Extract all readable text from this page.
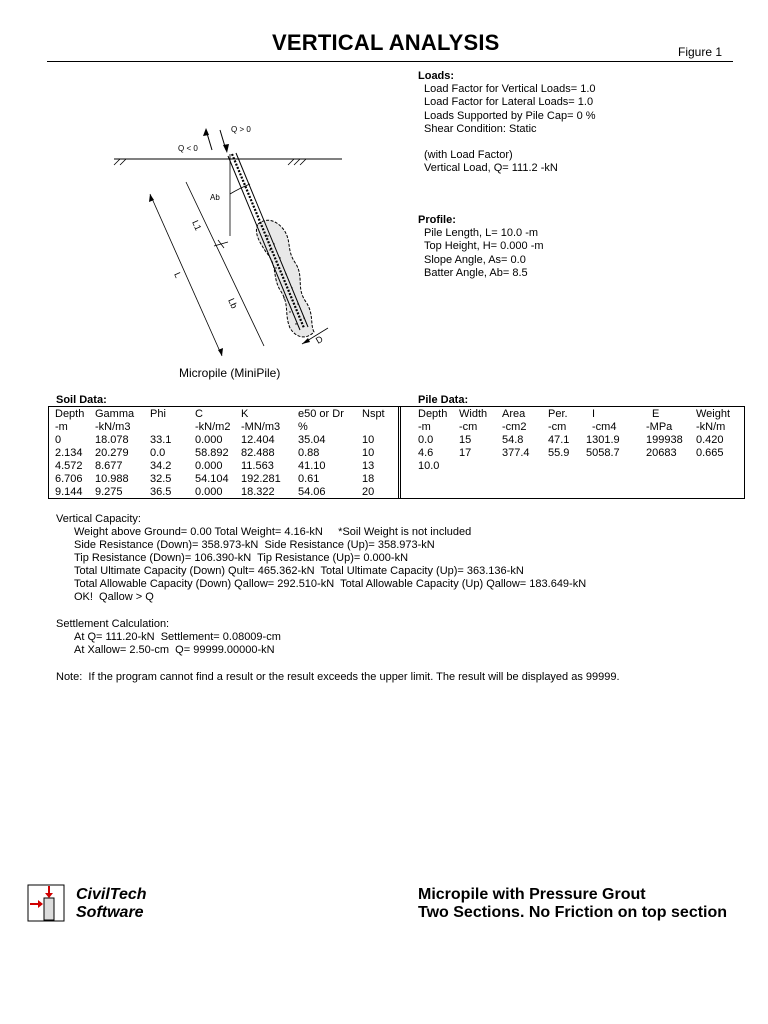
VERTICAL ANALYSIS	Figure 1
Q > 0
Q < 0
Ab
L
L1
Lb
D
Micropile (MiniPile)
Loads:
Load Factor for Vertical Loads= 1.0
Load Factor for Lateral Loads= 1.0
Loads Supported by Pile Cap= 0 %
Shear Condition: Static
(with Load Factor)
Vertical Load, Q= 111.2 -kN
Profile:
Pile Length, L= 10.0 -m
Top Height, H= 0.000 -m
Slope Angle, As= 0.0
Batter Angle, Ab= 8.5
Soil Data:
Depth Gamma Phi	C	K	e50 or Dr Nspt
-m -kN/m3	-kN/m2 -MN/m3 %
0	18.078 33.1 0.000 12.404 35.04	10
2.134 20.279 0.0	58.892 82.488 0.88	10
4.572 8.677 34.2 0.000 11.563 41.10	13
6.706 10.988 32.5 54.104 192.281 0.61	18
9.144 9.275 36.5 0.000 18.322 54.06	20
Pile Data:
Depth Width Area Per. I	E	Weight
-m	-cm -cm2 -cm -cm4	-MPa -kN/m
0.0 15	54.8 47.1 1301.9 199938 0.420
4.6 17	377.4 55.9 5058.7 20683 0.665
10.0
Vertical Capacity:
Weight above Ground= 0.00 Total Weight= 4.16-kN     *Soil Weight is not included
Side Resistance (Down)= 358.973-kN  Side Resistance (Up)= 358.973-kN
Tip Resistance (Down)= 106.390-kN  Tip Resistance (Up)= 0.000-kN
Total Ultimate Capacity (Down) Qult= 465.362-kN  Total Ultimate Capacity (Up)= 363.136-kN
Total Allowable Capacity (Down) Qallow= 292.510-kN  Total Allowable Capacity (Up) Qallow= 183.649-kN
OK!  Qallow > Q
Settlement Calculation:
At Q= 111.20-kN  Settlement= 0.08009-cm
At Xallow= 2.50-cm  Q= 99999.00000-kN
Note:  If the program cannot find a result or the result exceeds the upper limit. The result will be displayed as 99999.
CivilTech
Software
Micropile with Pressure Grout
Two Sections. No Friction on top section
